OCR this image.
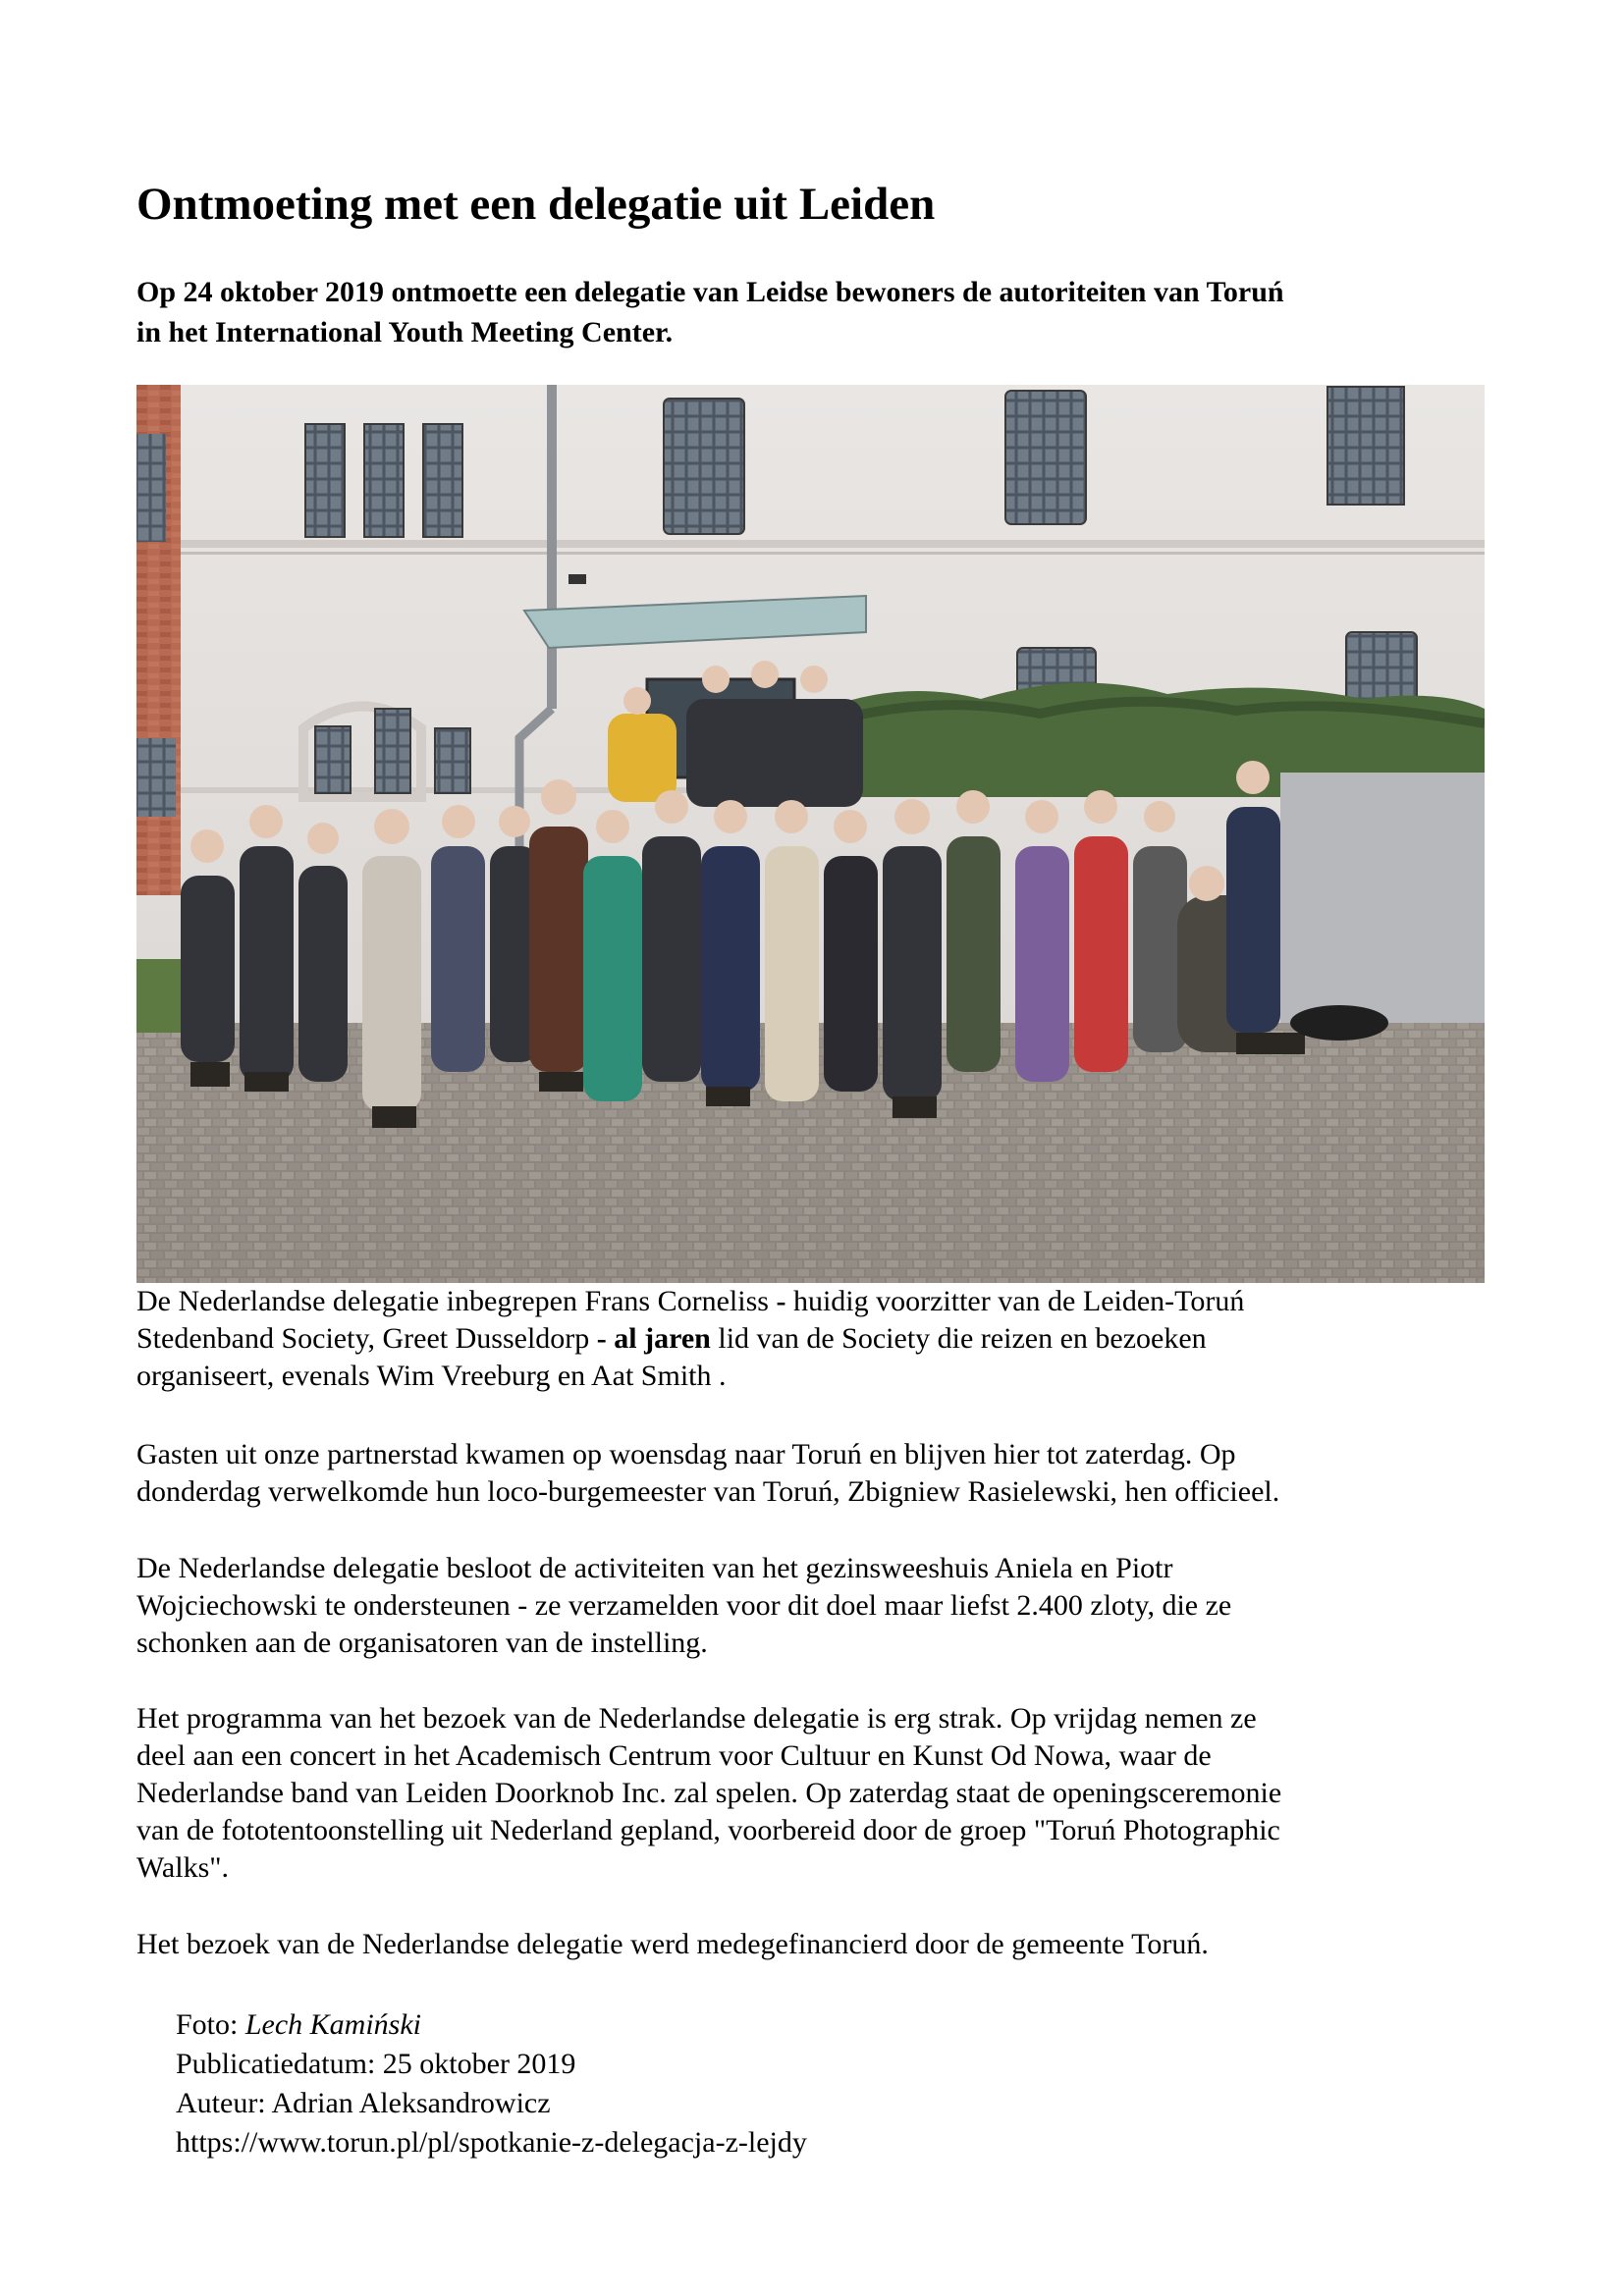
Ontmoeting met een delegatie uit Leiden
Op 24 oktober 2019 ontmoette een delegatie van Leidse bewoners de autoriteiten van Toruń
in het International Youth Meeting Center.
De Nederlandse delegatie inbegrepen Frans Corneliss - huidig voorzitter van de Leiden-Toruń
Stedenband Society, Greet Dusseldorp - al jaren lid van de Society die reizen en bezoeken
organiseert, evenals Wim Vreeburg en Aat Smith .
Gasten uit onze partnerstad kwamen op woensdag naar Toruń en blijven hier tot zaterdag. Op
donderdag verwelkomde hun loco-burgemeester van Toruń, Zbigniew Rasielewski, hen officieel.
De Nederlandse delegatie besloot de activiteiten van het gezinsweeshuis Aniela en Piotr
Wojciechowski te ondersteunen - ze verzamelden voor dit doel maar liefst 2.400 zloty, die ze
schonken aan de organisatoren van de instelling.
Het programma van het bezoek van de Nederlandse delegatie is erg strak. Op vrijdag nemen ze
deel aan een concert in het Academisch Centrum voor Cultuur en Kunst Od Nowa, waar de
Nederlandse band van Leiden Doorknob Inc. zal spelen. Op zaterdag staat de openingsceremonie
van de fototentoonstelling uit Nederland gepland, voorbereid door de groep "Toruń Photographic
Walks".
Het bezoek van de Nederlandse delegatie werd medegefinancierd door de gemeente Toruń.
Foto: Lech Kamiński
Publicatiedatum: 25 oktober 2019
Auteur: Adrian Aleksandrowicz
https://www.torun.pl/pl/spotkanie-z-delegacja-z-lejdy
